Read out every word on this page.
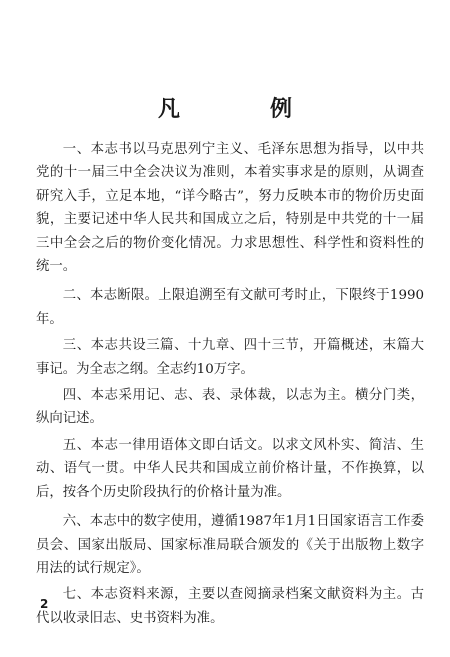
凡　例

一、本志书以马克思列宁主义、毛泽东思想为指导，以中共党的十一届三中全会决议为准则，本着实事求是的原则，从调查研究入手，立足本地，“详今略古”，努力反映本市的物价历史面貌，主要记述中华人民共和国成立之后，特别是中共党的十一届三中全会之后的物价变化情况。力求思想性、科学性和资料性的统一。

二、本志断限。上限追溯至有文献可考时止，下限终于1990年。

三、本志共设三篇、十九章、四十三节，开篇概述，末篇大事记。为全志之纲。全志约10万字。

四、本志采用记、志、表、录体裁，以志为主。横分门类，纵向记述。

五、本志一律用语体文即白话文。以求文风朴实、简洁、生动、语气一贯。中华人民共和国成立前价格计量，不作换算，以后，按各个历史阶段执行的价格计量为准。

六、本志中的数字使用，遵循1987年1月1日国家语言工作委员会、国家出版局、国家标准局联合颁发的《关于出版物上数字用法的试行规定》。

七、本志资料来源，主要以查阅摘录档案文献资料为主。古代以收录旧志、史书资料为准。

2
